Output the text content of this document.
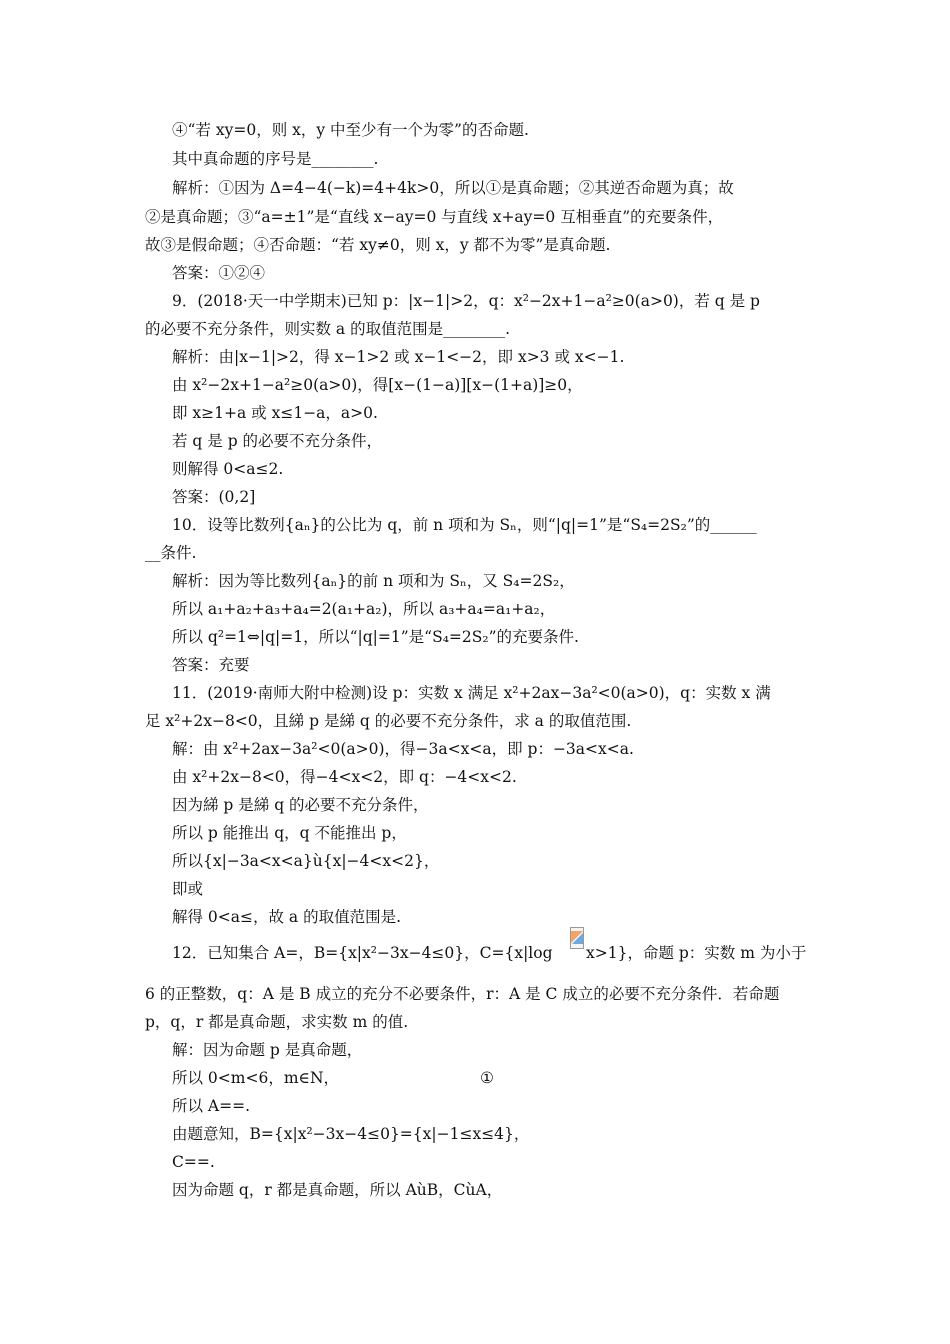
④“若 xy=0，则 x，y 中至少有一个为零”的否命题.
其中真命题的序号是________.
解析：①因为 Δ=4−4(−k)=4+4k>0，所以①是真命题；②其逆否命题为真；故
②是真命题；③“a=±1”是“直线 x−ay=0 与直线 x+ay=0 互相垂直”的充要条件，
故③是假命题；④否命题：“若 xy≠0，则 x，y 都不为零”是真命题.
答案：①②④
9．(2018·天一中学期末)已知 p：|x−1|>2，q：x²−2x+1−a²≥0(a>0)，若 q 是 p
的必要不充分条件，则实数 a 的取值范围是________.
解析：由|x−1|>2，得 x−1>2 或 x−1<−2，即 x>3 或 x<−1.
由 x²−2x+1−a²≥0(a>0)，得[x−(1−a)][x−(1+a)]≥0，
即 x≥1+a 或 x≤1−a，a>0.
若 q 是 p 的必要不充分条件，
则解得 0<a≤2.
答案：(0,2]
10．设等比数列{aₙ}的公比为 q，前 n 项和为 Sₙ，则“|q|=1”是“S₄=2S₂”的______
__条件.
解析：因为等比数列{aₙ}的前 n 项和为 Sₙ，又 S₄=2S₂，
所以 a₁+a₂+a₃+a₄=2(a₁+a₂)，所以 a₃+a₄=a₁+a₂，
所以 q²=1⇔|q|=1，所以“|q|=1”是“S₄=2S₂”的充要条件.
答案：充要
11．(2019·南师大附中检测)设 p：实数 x 满足 x²+2ax−3a²<0(a>0)，q：实数 x 满
足 x²+2x−8<0，且綈 p 是綈 q 的必要不充分条件，求 a 的取值范围.
解：由 x²+2ax−3a²<0(a>0)，得−3a<x<a，即 p：−3a<x<a.
由 x²+2x−8<0，得−4<x<2，即 q：−4<x<2.
因为綈 p 是綈 q 的必要不充分条件，
所以 p 能推出 q，q 不能推出 p，
所以{x|−3a<x<a}ù{x|−4<x<2}，
即或
解得 0<a≤，故 a 的取值范围是.
12．已知集合 A=，B={x|x²−3x−4≤0}，C={x|log x>1}，命题 p：实数 m 为小于
6 的正整数，q：A 是 B 成立的充分不必要条件，r：A 是 C 成立的必要不充分条件．若命题
p，q，r 都是真命题，求实数 m 的值.
解：因为命题 p 是真命题，
所以 0<m<6，m∈N，	①
所以 A==.
由题意知，B={x|x²−3x−4≤0}={x|−1≤x≤4}，
C==.
因为命题 q，r 都是真命题，所以 AùB，CùA，
